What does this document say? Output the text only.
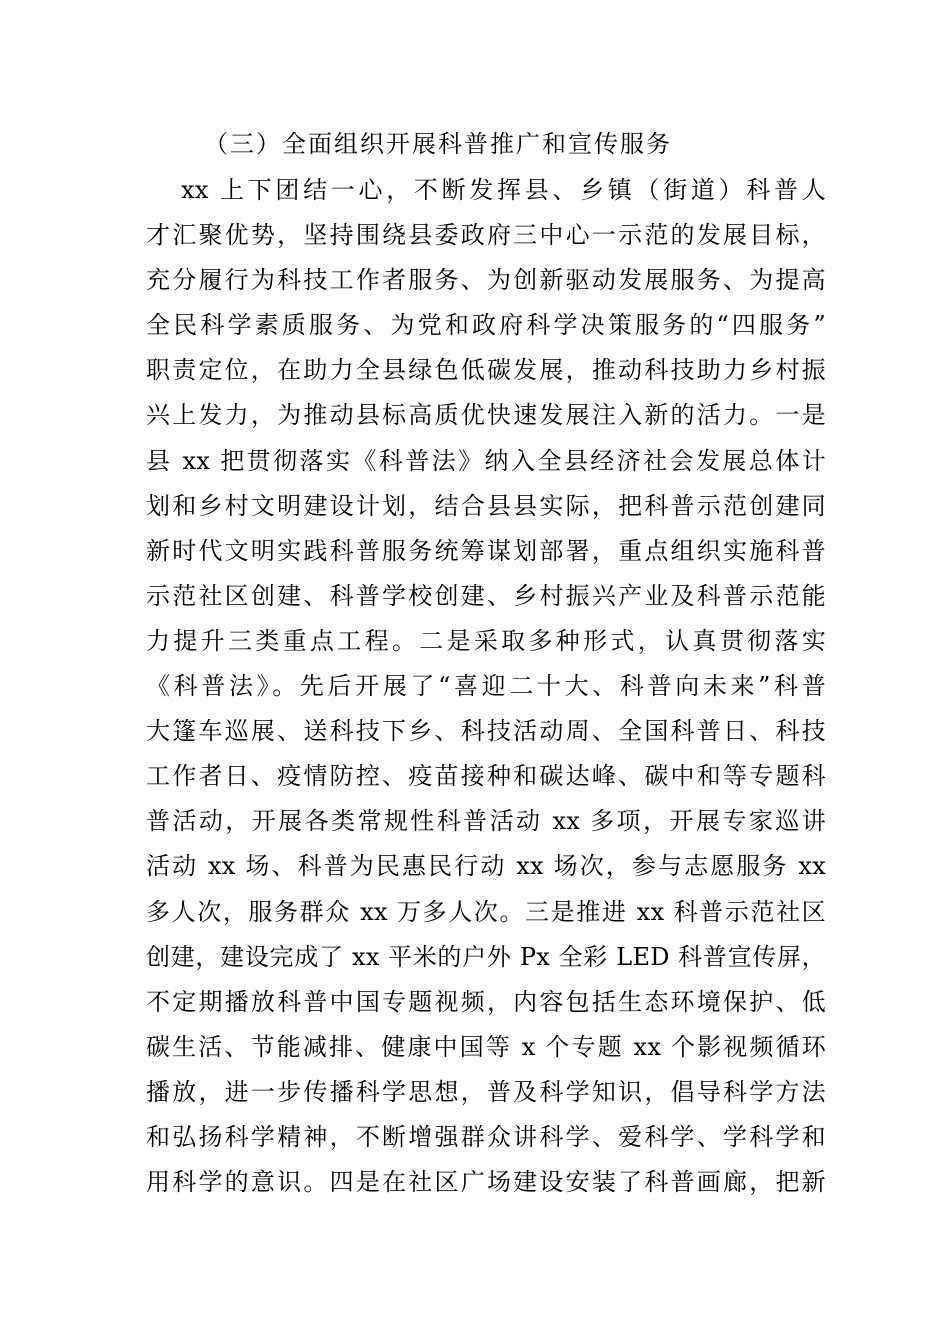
（三）全面组织开展科普推广和宣传服务
xx 上下团结一心，不断发挥县、乡镇（街道）科普人
才汇聚优势，坚持围绕县委政府三中心一示范的发展目标，
充分履行为科技工作者服务、为创新驱动发展服务、为提高
全民科学素质服务、为党和政府科学决策服务的“四服务”
职责定位，在助力全县绿色低碳发展，推动科技助力乡村振
兴上发力，为推动县标高质优快速发展注入新的活力。一是
县 xx 把贯彻落实《科普法》纳入全县经济社会发展总体计
划和乡村文明建设计划，结合县县实际，把科普示范创建同
新时代文明实践科普服务统筹谋划部署，重点组织实施科普
示范社区创建、科普学校创建、乡村振兴产业及科普示范能
力提升三类重点工程。二是采取多种形式，认真贯彻落实
《科普法》。先后开展了“喜迎二十大、科普向未来”科普
大篷车巡展、送科技下乡、科技活动周、全国科普日、科技
工作者日、疫情防控、疫苗接种和碳达峰、碳中和等专题科
普活动，开展各类常规性科普活动 xx 多项，开展专家巡讲
活动 xx 场、科普为民惠民行动 xx 场次，参与志愿服务 xx
多人次，服务群众 xx 万多人次。三是推进 xx 科普示范社区
创建，建设完成了 xx 平米的户外 Px 全彩 LED 科普宣传屏，
不定期播放科普中国专题视频，内容包括生态环境保护、低
碳生活、节能减排、健康中国等 x 个专题 xx 个影视频循环
播放，进一步传播科学思想，普及科学知识，倡导科学方法
和弘扬科学精神，不断增强群众讲科学、爱科学、学科学和
用科学的意识。四是在社区广场建设安装了科普画廊，把新
